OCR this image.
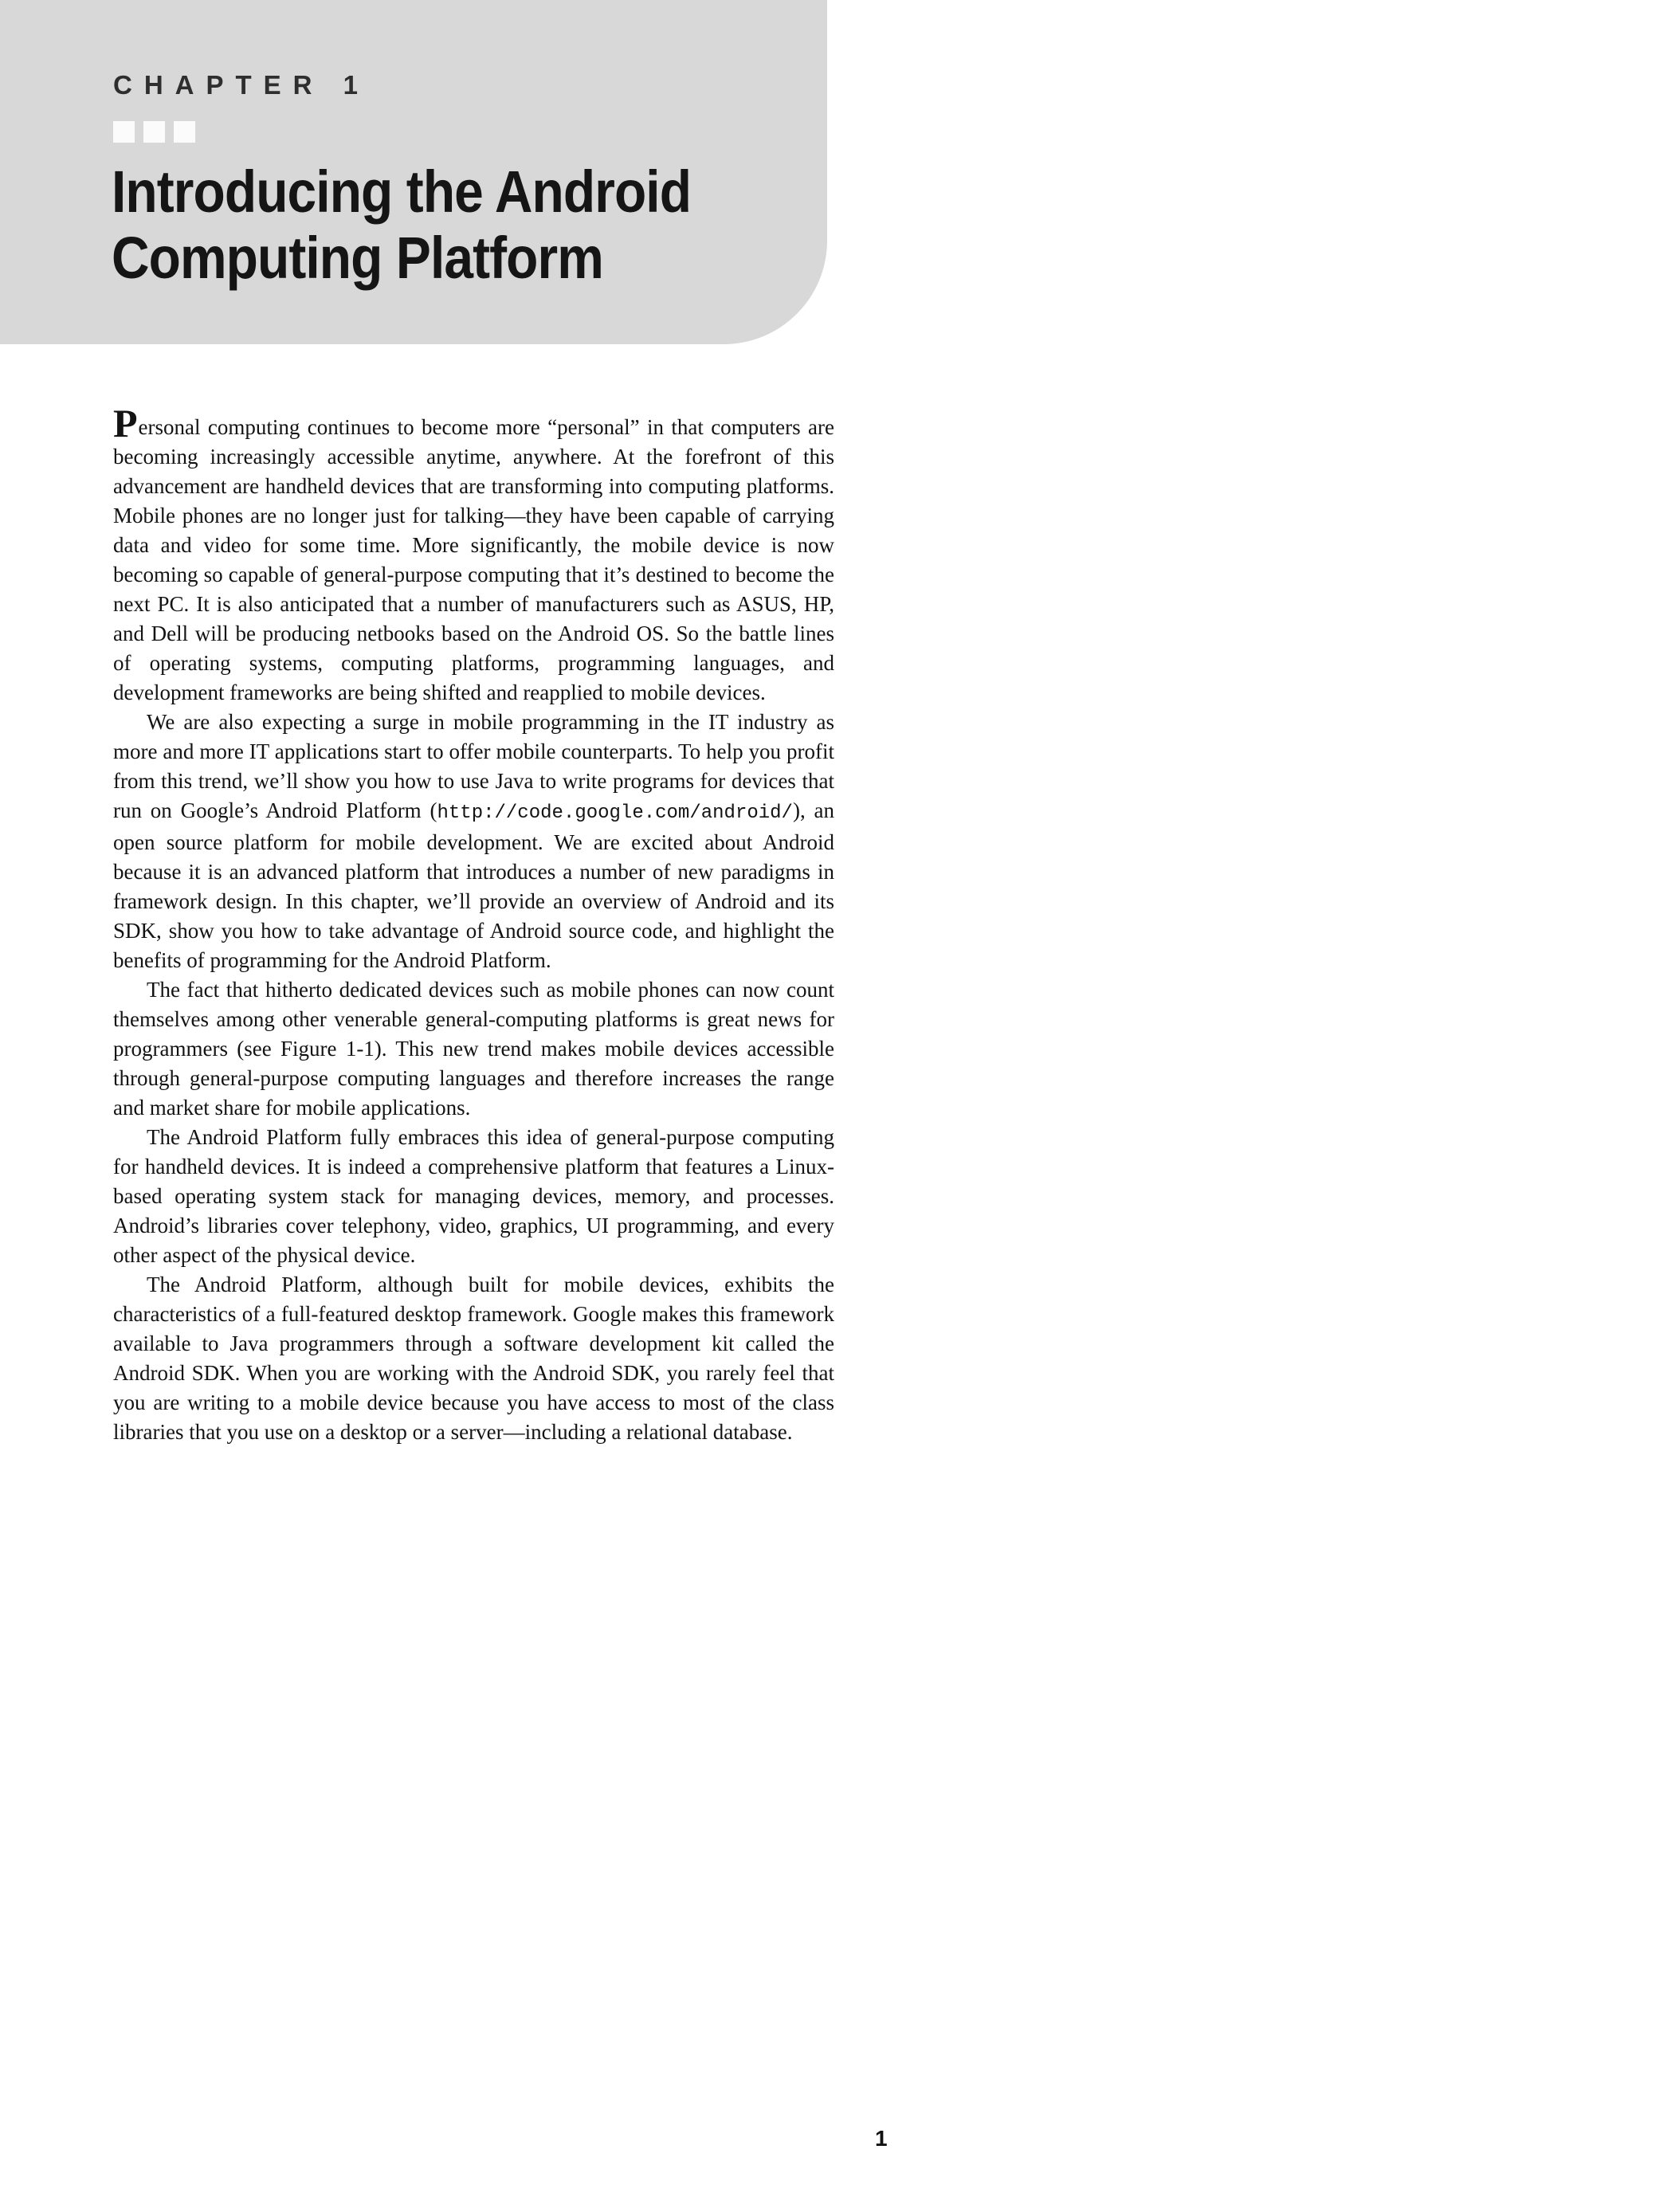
CHAPTER 1
Introducing the Android
Computing Platform

Personal computing continues to become more “personal” in that computers are becoming increasingly accessible anytime, anywhere. At the forefront of this advancement are handheld devices that are transforming into computing platforms. Mobile phones are no longer just for talking—they have been capable of carrying data and video for some time. More significantly, the mobile device is now becoming so capable of general-purpose computing that it’s destined to become the next PC. It is also anticipated that a number of manufacturers such as ASUS, HP, and Dell will be producing netbooks based on the Android OS. So the battle lines of operating systems, computing platforms, programming languages, and development frameworks are being shifted and reapplied to mobile devices.

We are also expecting a surge in mobile programming in the IT industry as more and more IT applications start to offer mobile counterparts. To help you profit from this trend, we’ll show you how to use Java to write programs for devices that run on Google’s Android Platform (http://code.google.com/android/), an open source platform for mobile development. We are excited about Android because it is an advanced platform that introduces a number of new paradigms in framework design. In this chapter, we’ll provide an overview of Android and its SDK, show you how to take advantage of Android source code, and highlight the benefits of programming for the Android Platform.

The fact that hitherto dedicated devices such as mobile phones can now count themselves among other venerable general-computing platforms is great news for programmers (see Figure 1-1). This new trend makes mobile devices accessible through general-purpose computing languages and therefore increases the range and market share for mobile applications.

The Android Platform fully embraces this idea of general-purpose computing for handheld devices. It is indeed a comprehensive platform that features a Linux-based operating system stack for managing devices, memory, and processes. Android’s libraries cover telephony, video, graphics, UI programming, and every other aspect of the physical device.

The Android Platform, although built for mobile devices, exhibits the characteristics of a full-featured desktop framework. Google makes this framework available to Java programmers through a software development kit called the Android SDK. When you are working with the Android SDK, you rarely feel that you are writing to a mobile device because you have access to most of the class libraries that you use on a desktop or a server—including a relational database.

1
